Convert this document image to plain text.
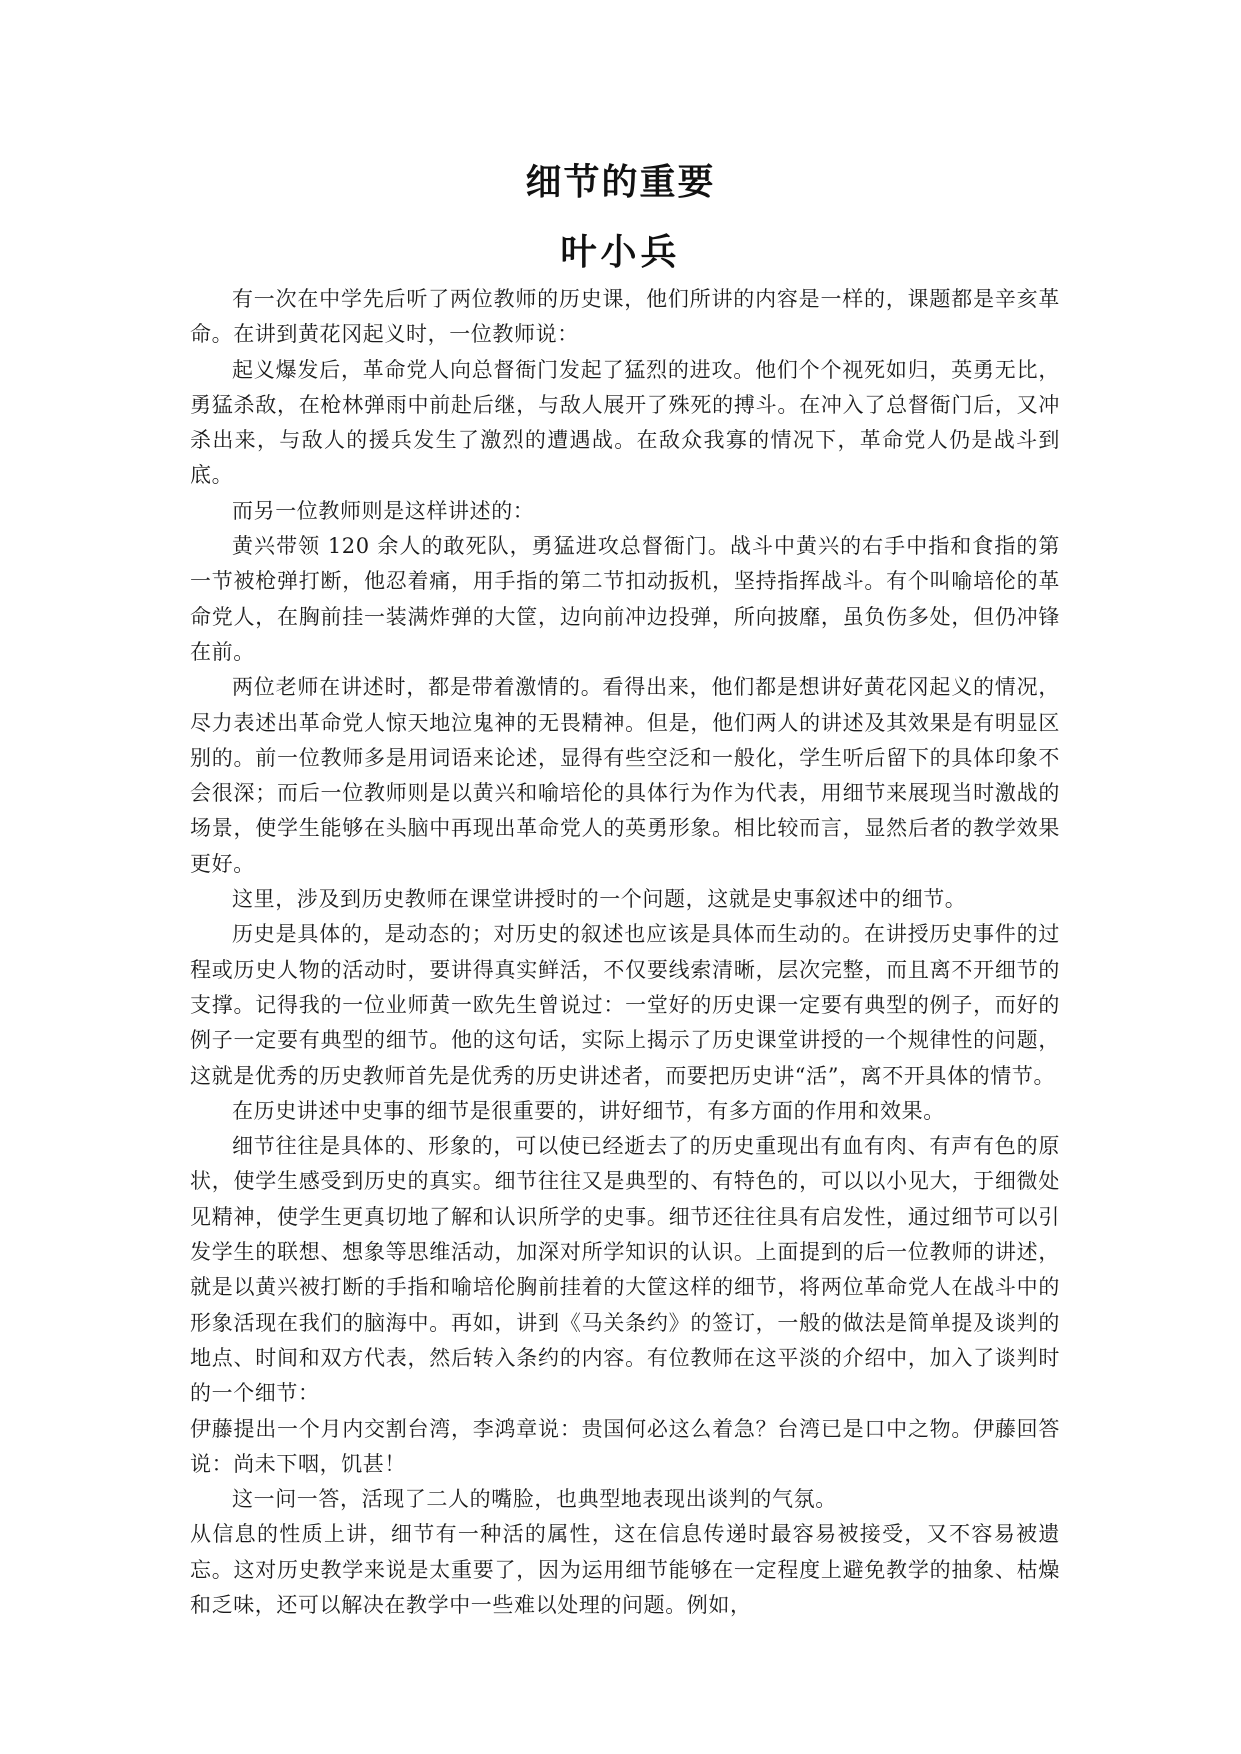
细节的重要
叶小兵

有一次在中学先后听了两位教师的历史课，他们所讲的内容是一样的，课题都是辛亥革命。在讲到黄花冈起义时，一位教师说：

起义爆发后，革命党人向总督衙门发起了猛烈的进攻。他们个个视死如归，英勇无比，勇猛杀敌，在枪林弹雨中前赴后继，与敌人展开了殊死的搏斗。在冲入了总督衙门后，又冲杀出来，与敌人的援兵发生了激烈的遭遇战。在敌众我寡的情况下，革命党人仍是战斗到底。

而另一位教师则是这样讲述的：

黄兴带领 120 余人的敢死队，勇猛进攻总督衙门。战斗中黄兴的右手中指和食指的第一节被枪弹打断，他忍着痛，用手指的第二节扣动扳机，坚持指挥战斗。有个叫喻培伦的革命党人，在胸前挂一装满炸弹的大筐，边向前冲边投弹，所向披靡，虽负伤多处，但仍冲锋在前。

两位老师在讲述时，都是带着激情的。看得出来，他们都是想讲好黄花冈起义的情况，尽力表述出革命党人惊天地泣鬼神的无畏精神。但是，他们两人的讲述及其效果是有明显区别的。前一位教师多是用词语来论述，显得有些空泛和一般化，学生听后留下的具体印象不会很深；而后一位教师则是以黄兴和喻培伦的具体行为作为代表，用细节来展现当时激战的场景，使学生能够在头脑中再现出革命党人的英勇形象。相比较而言，显然后者的教学效果更好。

这里，涉及到历史教师在课堂讲授时的一个问题，这就是史事叙述中的细节。

历史是具体的，是动态的；对历史的叙述也应该是具体而生动的。在讲授历史事件的过程或历史人物的活动时，要讲得真实鲜活，不仅要线索清晰，层次完整，而且离不开细节的支撑。记得我的一位业师黄一欧先生曾说过：一堂好的历史课一定要有典型的例子，而好的例子一定要有典型的细节。他的这句话，实际上揭示了历史课堂讲授的一个规律性的问题，这就是优秀的历史教师首先是优秀的历史讲述者，而要把历史讲“活”，离不开具体的情节。

在历史讲述中史事的细节是很重要的，讲好细节，有多方面的作用和效果。

细节往往是具体的、形象的，可以使已经逝去了的历史重现出有血有肉、有声有色的原状，使学生感受到历史的真实。细节往往又是典型的、有特色的，可以以小见大，于细微处见精神，使学生更真切地了解和认识所学的史事。细节还往往具有启发性，通过细节可以引发学生的联想、想象等思维活动，加深对所学知识的认识。上面提到的后一位教师的讲述，就是以黄兴被打断的手指和喻培伦胸前挂着的大筐这样的细节，将两位革命党人在战斗中的形象活现在我们的脑海中。再如，讲到《马关条约》的签订，一般的做法是简单提及谈判的地点、时间和双方代表，然后转入条约的内容。有位教师在这平淡的介绍中，加入了谈判时的一个细节：

伊藤提出一个月内交割台湾，李鸿章说：贵国何必这么着急？台湾已是口中之物。伊藤回答说：尚未下咽，饥甚！

这一问一答，活现了二人的嘴脸，也典型地表现出谈判的气氛。

从信息的性质上讲，细节有一种活的属性，这在信息传递时最容易被接受，又不容易被遗忘。这对历史教学来说是太重要了，因为运用细节能够在一定程度上避免教学的抽象、枯燥和乏味，还可以解决在教学中一些难以处理的问题。例如，
